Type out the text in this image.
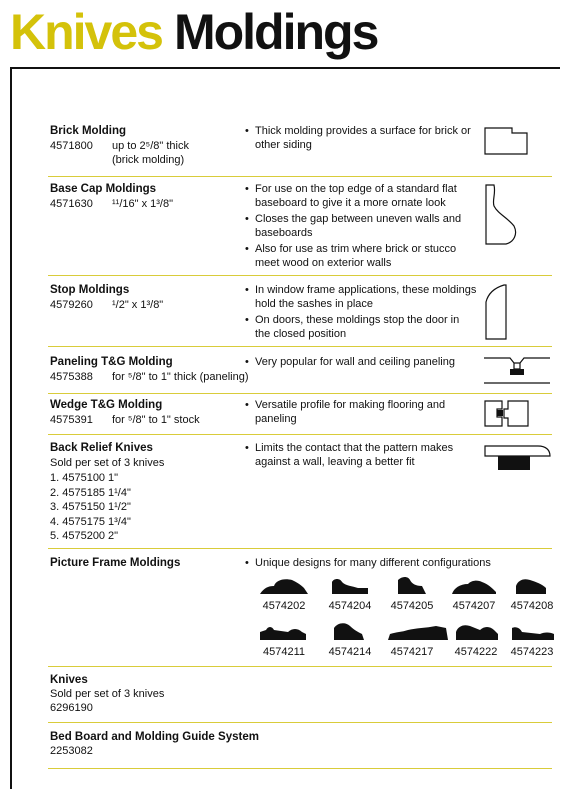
Knives Moldings
Brick Molding
4571800 up to 2⁵/8" thick
(brick molding)
• Thick molding provides a surface for brick or other siding
Base Cap Moldings
4571630 ¹¹/16" x 1³/8"
• For use on the top edge of a standard flat baseboard to give it a more ornate look
• Closes the gap between uneven walls and baseboards
• Also for use as trim where brick or stucco meet wood on exterior walls
Stop Moldings
4579260 ¹/2" x 1³/8"
• In window frame applications, these moldings hold the sashes in place
• On doors, these moldings stop the door in the closed position
Paneling T&G Molding
4575388 for ⁵/8" to 1" thick (paneling)
• Very popular for wall and ceiling paneling
Wedge T&G Molding
4575391 for ⁵/8" to 1" stock
• Versatile profile for making flooring and paneling
Back Relief Knives
Sold per set of 3 knives
1. 4575100 1"
2. 4575185 1¹/4"
3. 4575150 1¹/2"
4. 4575175 1³/4"
5. 4575200 2"
• Limits the contact that the pattern makes against a wall, leaving a better fit
Picture Frame Moldings
•	Unique designs for many different configurations
4574202	4574204	4574205	4574207	4574208
4574211	4574214	4574217	4574222	4574223
Knives
Sold per set of 3 knives
6296190
Bed Board and Molding Guide System
2253082
